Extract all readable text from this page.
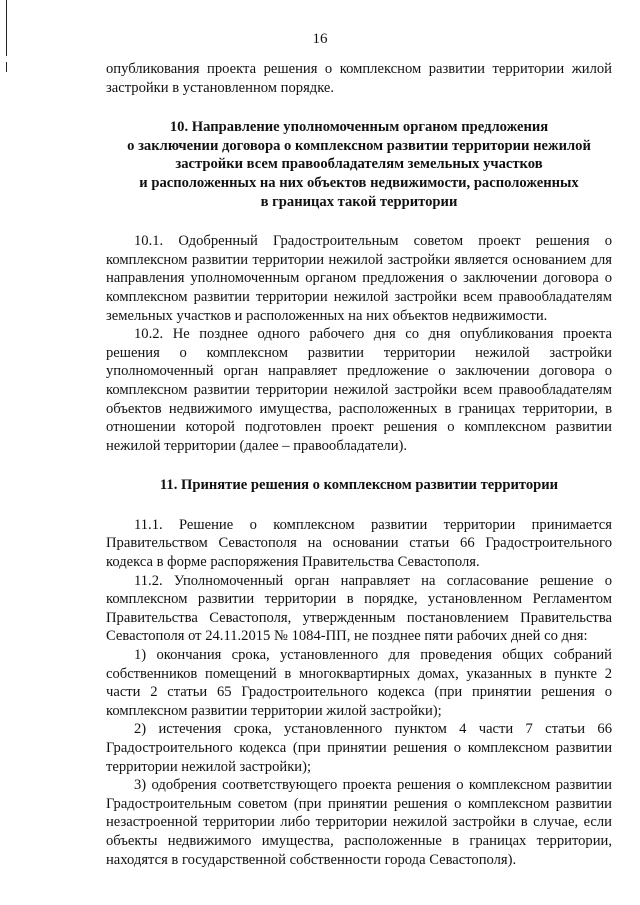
16

опубликования проекта решения о комплексном развитии территории жилой застройки в установленном порядке.

10. Направление уполномоченным органом предложения
о заключении договора о комплексном развитии территории нежилой
застройки всем правообладателям земельных участков
и расположенных на них объектов недвижимости, расположенных
в границах такой территории

10.1. Одобренный Градостроительным советом проект решения о комплексном развитии территории нежилой застройки является основанием для направления уполномоченным органом предложения о заключении договора о комплексном развитии территории нежилой застройки всем правообладателям земельных участков и расположенных на них объектов недвижимости.

10.2. Не позднее одного рабочего дня со дня опубликования проекта решения о комплексном развитии территории нежилой застройки уполномоченный орган направляет предложение о заключении договора о комплексном развитии территории нежилой застройки всем правообладателям объектов недвижимого имущества, расположенных в границах территории, в отношении которой подготовлен проект решения о комплексном развитии нежилой территории (далее – правообладатели).

11. Принятие решения о комплексном развитии территории

11.1. Решение о комплексном развитии территории принимается Правительством Севастополя на основании статьи 66 Градостроительного кодекса в форме распоряжения Правительства Севастополя.

11.2. Уполномоченный орган направляет на согласование решение о комплексном развитии территории в порядке, установленном Регламентом Правительства Севастополя, утвержденным постановлением Правительства Севастополя от 24.11.2015 № 1084-ПП, не позднее пяти рабочих дней со дня:

1) окончания срока, установленного для проведения общих собраний собственников помещений в многоквартирных домах, указанных в пункте 2 части 2 статьи 65 Градостроительного кодекса (при принятии решения о комплексном развитии территории жилой застройки);

2) истечения срока, установленного пунктом 4 части 7 статьи 66 Градостроительного кодекса (при принятии решения о комплексном развитии территории нежилой застройки);

3) одобрения соответствующего проекта решения о комплексном развитии Градостроительным советом (при принятии решения о комплексном развитии незастроенной территории либо территории нежилой застройки в случае, если объекты недвижимого имущества, расположенные в границах территории, находятся в государственной собственности города Севастополя).
